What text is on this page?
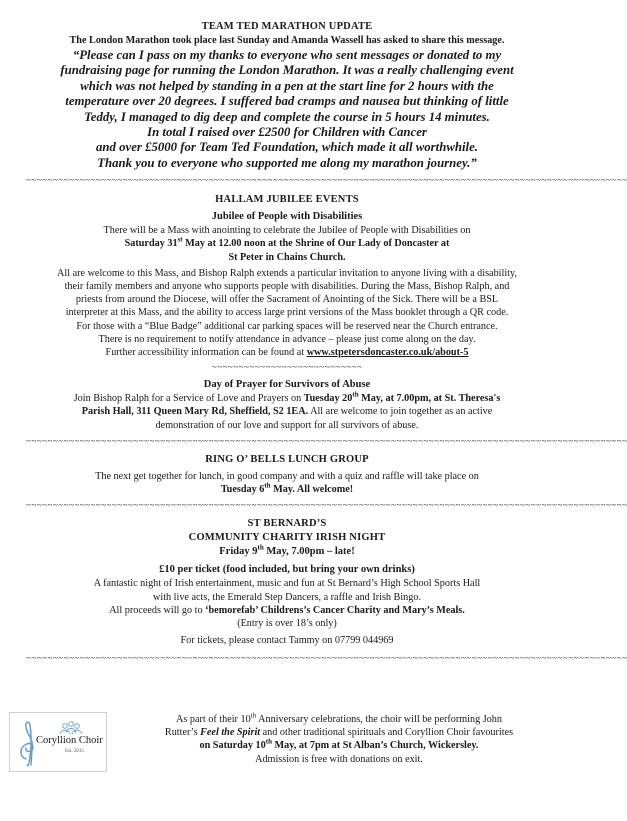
TEAM TED MARATHON UPDATE

The London Marathon took place last Sunday and Amanda Wassell has asked to share this message.

“Please can I pass on my thanks to everyone who sent messages or donated to my

fundraising page for running the London Marathon. It was a really challenging event

which was not helped by standing in a pen at the start line for 2 hours with the

temperature over 20 degrees. I suffered bad cramps and nausea but thinking of little

Teddy, I managed to dig deep and complete the course in 5 hours 14 minutes.

In total I raised over £2500 for Children with Cancer

and over £5000 for Team Ted Foundation, which made it all worthwhile.

Thank you to everyone who supported me along my marathon journey.”

~~~~~~~~~~~~~~~~~~~~~~~~~~~~~~~~~~~~~~~~~~~~~~~~~~~~~~~~~~~~~~~~~~~~~~~~~~~~~~~~~~~~~~~~~~~~~~~~~~~~~~~~~~~~~~~~

HALLAM JUBILEE EVENTS

Jubilee of People with Disabilities

There will be a Mass with anointing to celebrate the Jubilee of People with Disabilities on

Saturday 31st May at 12.00 noon at the Shrine of Our Lady of Doncaster at

St Peter in Chains Church.

All are welcome to this Mass, and Bishop Ralph extends a particular invitation to anyone living with a disability,

their family members and anyone who supports people with disabilities. During the Mass, Bishop Ralph, and

priests from around the Diocese, will offer the Sacrament of Anointing of the Sick. There will be a BSL

interpreter at this Mass, and the ability to access large print versions of the Mass booklet through a QR code.

For those with a “Blue Badge” additional car parking spaces will be reserved near the Church entrance.

There is no requirement to notify attendance in advance – please just come along on the day.

Further accessibility information can be found at www.stpetersdoncaster.co.uk/about-5

~~~~~~~~~~~~~~~~~~~~~~~~~~~~

Day of Prayer for Survivors of Abuse

Join Bishop Ralph for a Service of Love and Prayers on Tuesday 20th May, at 7.00pm, at St. Theresa's

Parish Hall, 311 Queen Mary Rd, Sheffield, S2 1EA. All are welcome to join together as an active

demonstration of our love and support for all survivors of abuse.

~~~~~~~~~~~~~~~~~~~~~~~~~~~~~~~~~~~~~~~~~~~~~~~~~~~~~~~~~~~~~~~~~~~~~~~~~~~~~~~~~~~~~~~~~~~~~~~~~~~~~~~~~~~~~~~~

RING O’ BELLS LUNCH GROUP

The next get together for lunch, in good company and with a quiz and raffle will take place on

Tuesday 6th May. All welcome!

~~~~~~~~~~~~~~~~~~~~~~~~~~~~~~~~~~~~~~~~~~~~~~~~~~~~~~~~~~~~~~~~~~~~~~~~~~~~~~~~~~~~~~~~~~~~~~~~~~~~~~~~~~~~~~~~

ST BERNARD’S

COMMUNITY CHARITY IRISH NIGHT

Friday 9th May, 7.00pm – late!

£10 per ticket (food included, but bring your own drinks)

A fantastic night of Irish entertainment, music and fun at St Bernard’s High School Sports Hall

with live acts, the Emerald Step Dancers, a raffle and Irish Bingo.

All proceeds will go to ‘bemorefab’ Childrens’s Cancer Charity and Mary’s Meals.

(Entry is over 18’s only)

For tickets, please contact Tammy on 07799 044969

~~~~~~~~~~~~~~~~~~~~~~~~~~~~~~~~~~~~~~~~~~~~~~~~~~~~~~~~~~~~~~~~~~~~~~~~~~~~~~~~~~~~~~~~~~~~~~~~~~~~~~~~~~~~~~~~

Coryllion Choir
Est. 2015

As part of their 10th Anniversary celebrations, the choir will be performing John

Rutter’s Feel the Spirit and other traditional spirituals and Coryllion Choir favourites

on Saturday 10th May, at 7pm at St Alban’s Church, Wickersley.

Admission is free with donations on exit.
